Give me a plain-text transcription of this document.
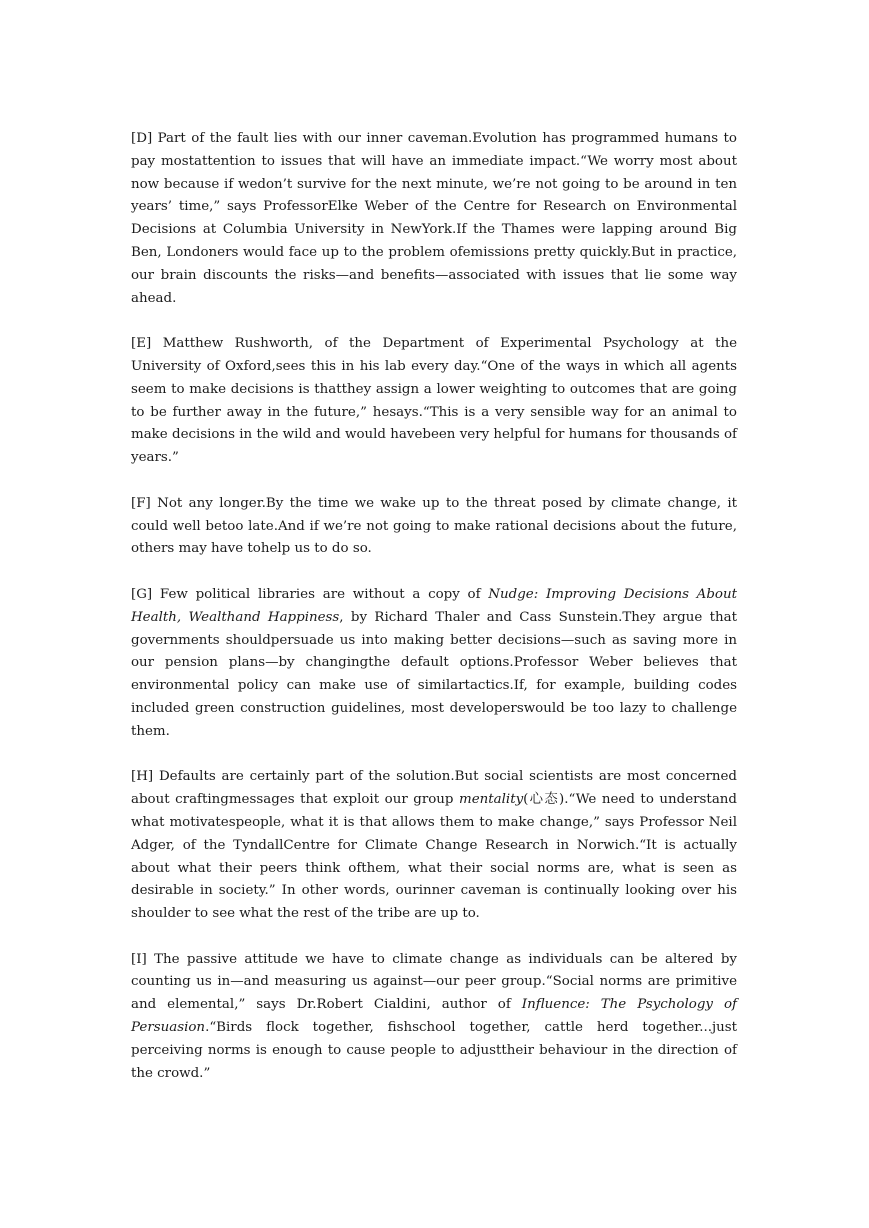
[D] Part of the fault lies with our inner caveman.Evolution has programmed humans to pay mostattention to issues that will have an immediate impact.“We worry most about now because if wedon’t survive for the next minute, we’re not going to be around in ten years’ time,” says ProfessorElke Weber of the Centre for Research on Environmental Decisions at Columbia University in NewYork.If the Thames were lapping around Big Ben, Londoners would face up to the problem ofemissions pretty quickly.But in practice, our brain discounts the risks—and benefits—associated with issues that lie some way ahead.

[E] Matthew Rushworth, of the Department of Experimental Psychology at the University of Oxford,sees this in his lab every day.“One of the ways in which all agents seem to make decisions is thatthey assign a lower weighting to outcomes that are going to be further away in the future,” hesays.“This is a very sensible way for an animal to make decisions in the wild and would havebeen very helpful for humans for thousands of years.”

[F] Not any longer.By the time we wake up to the threat posed by climate change, it could well betoo late.And if we’re not going to make rational decisions about the future, others may have tohelp us to do so.

[G] Few political libraries are without a copy of Nudge: Improving Decisions About Health, Wealthand Happiness, by Richard Thaler and Cass Sunstein.They argue that governments shouldpersuade us into making better decisions—such as saving more in our pension plans—by changingthe default options.Professor Weber believes that environmental policy can make use of similartactics.If, for example, building codes included green construction guidelines, most developerswould be too lazy to challenge them.

[H] Defaults are certainly part of the solution.But social scientists are most concerned about craftingmessages that exploit our group mentality(心态).“We need to understand what motivatespeople, what it is that allows them to make change,” says Professor Neil Adger, of the TyndallCentre for Climate Change Research in Norwich.“It is actually about what their peers think ofthem, what their social norms are, what is seen as desirable in society.” In other words, ourinner caveman is continually looking over his shoulder to see what the rest of the tribe are up to.

[I] The passive attitude we have to climate change as individuals can be altered by counting us in—and measuring us against—our peer group.“Social norms are primitive and elemental,” says Dr.Robert Cialdini, author of Influence: The Psychology of Persuasion.“Birds flock together, fishschool together, cattle herd together...just perceiving norms is enough to cause people to adjusttheir behaviour in the direction of the crowd.”
